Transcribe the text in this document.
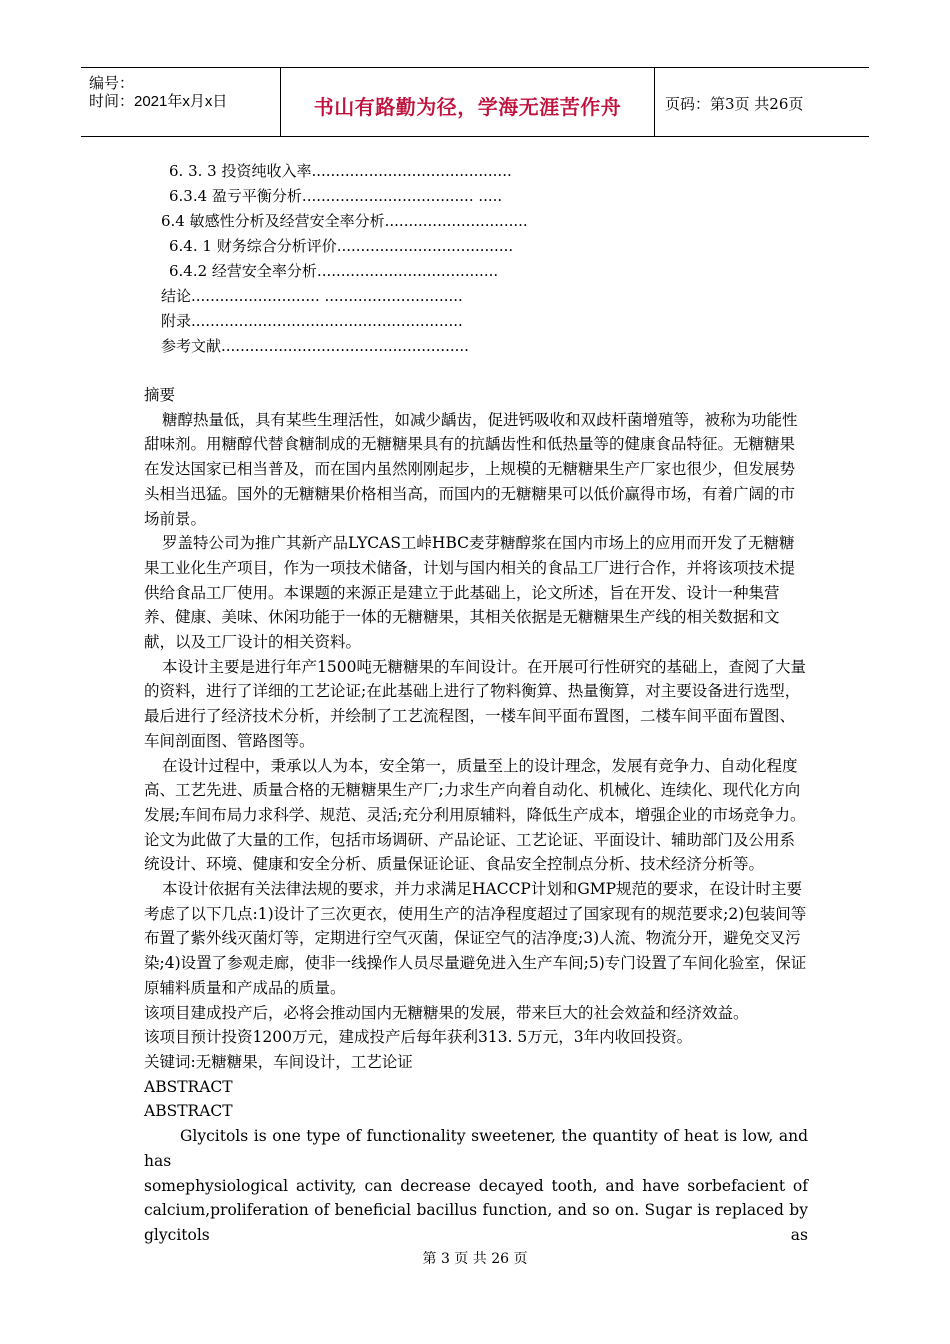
编号：
时间：2021年x月x日	书山有路勤为径，学海无涯苦作舟	页码：第3页 共26页
6. 3. 3 投资纯收入率..........................................
6.3.4 盈亏平衡分析.................................... .....
6.4 敏感性分析及经营安全率分析..............................
6.4. 1 财务综合分析评价.....................................
6.4.2 经营安全率分析......................................
结论........................... .............................
附录.........................................................
参考文献....................................................

摘要

糖醇热量低，具有某些生理活性，如减少龋齿，促进钙吸收和双歧杆菌增殖等，被称为功能性甜味剂。用糖醇代替食糖制成的无糖糖果具有的抗龋齿性和低热量等的健康食品特征。无糖糖果在发达国家已相当普及，而在国内虽然刚刚起步，上规模的无糖糖果生产厂家也很少，但发展势头相当迅猛。国外的无糖糖果价格相当高，而国内的无糖糖果可以低价赢得市场，有着广阔的市场前景。

罗盖特公司为推广其新产品LYCAS工峠HBC麦芽糖醇浆在国内市场上的应用而开发了无糖糖果工业化生产项目，作为一项技术储备，计划与国内相关的食品工厂进行合作，并将该项技术提供给食品工厂使用。本课题的来源正是建立于此基础上，论文所述，旨在开发、设计一种集营养、健康、美味、休闲功能于一体的无糖糖果，其相关依据是无糖糖果生产线的相关数据和文献，以及工厂设计的相关资料。

本设计主要是进行年产1500吨无糖糖果的车间设计。在开展可行性研究的基础上，查阅了大量的资料，进行了详细的工艺论证;在此基础上进行了物料衡算、热量衡算，对主要设备进行选型，最后进行了经济技术分析，并绘制了工艺流程图，一楼车间平面布置图，二楼车间平面布置图、车间剖面图、管路图等。

在设计过程中，秉承以人为本，安全第一，质量至上的设计理念，发展有竞争力、自动化程度高、工艺先进、质量合格的无糖糖果生产厂;力求生产向着自动化、机械化、连续化、现代化方向发展;车间布局力求科学、规范、灵活;充分利用原辅料，降低生产成本，增强企业的市场竞争力。论文为此做了大量的工作，包括市场调研、产品论证、工艺论证、平面设计、辅助部门及公用系统设计、环境、健康和安全分析、质量保证论证、食品安全控制点分析、技术经济分析等。

本设计依据有关法律法规的要求，并力求满足HACCP计划和GMP规范的要求，在设计时主要考虑了以下几点:1)设计了三次更衣，使用生产的洁净程度超过了国家现有的规范要求;2)包装间等布置了紫外线灭菌灯等，定期进行空气灭菌，保证空气的洁净度;3)人流、物流分开，避免交叉污染;4)设置了参观走廊，使非一线操作人员尽量避免进入生产车间;5)专门设置了车间化验室，保证原辅料质量和产成品的质量。

该项目建成投产后，必将会推动国内无糖糖果的发展，带来巨大的社会效益和经济效益。

该项目预计投资1200万元，建成投产后每年获利313. 5万元，3年内收回投资。

关键词:无糖糖果，车间设计，工艺论证

ABSTRACT

ABSTRACT

Glycitols is one type of functionality sweetener, the quantity of heat is low, and has

somephysiological activity, can decrease decayed tooth, and have sorbefacient of

calcium,proliferation of beneficial bacillus function, and so on. Sugar is replaced by glycitols as

第 3 页 共 26 页
